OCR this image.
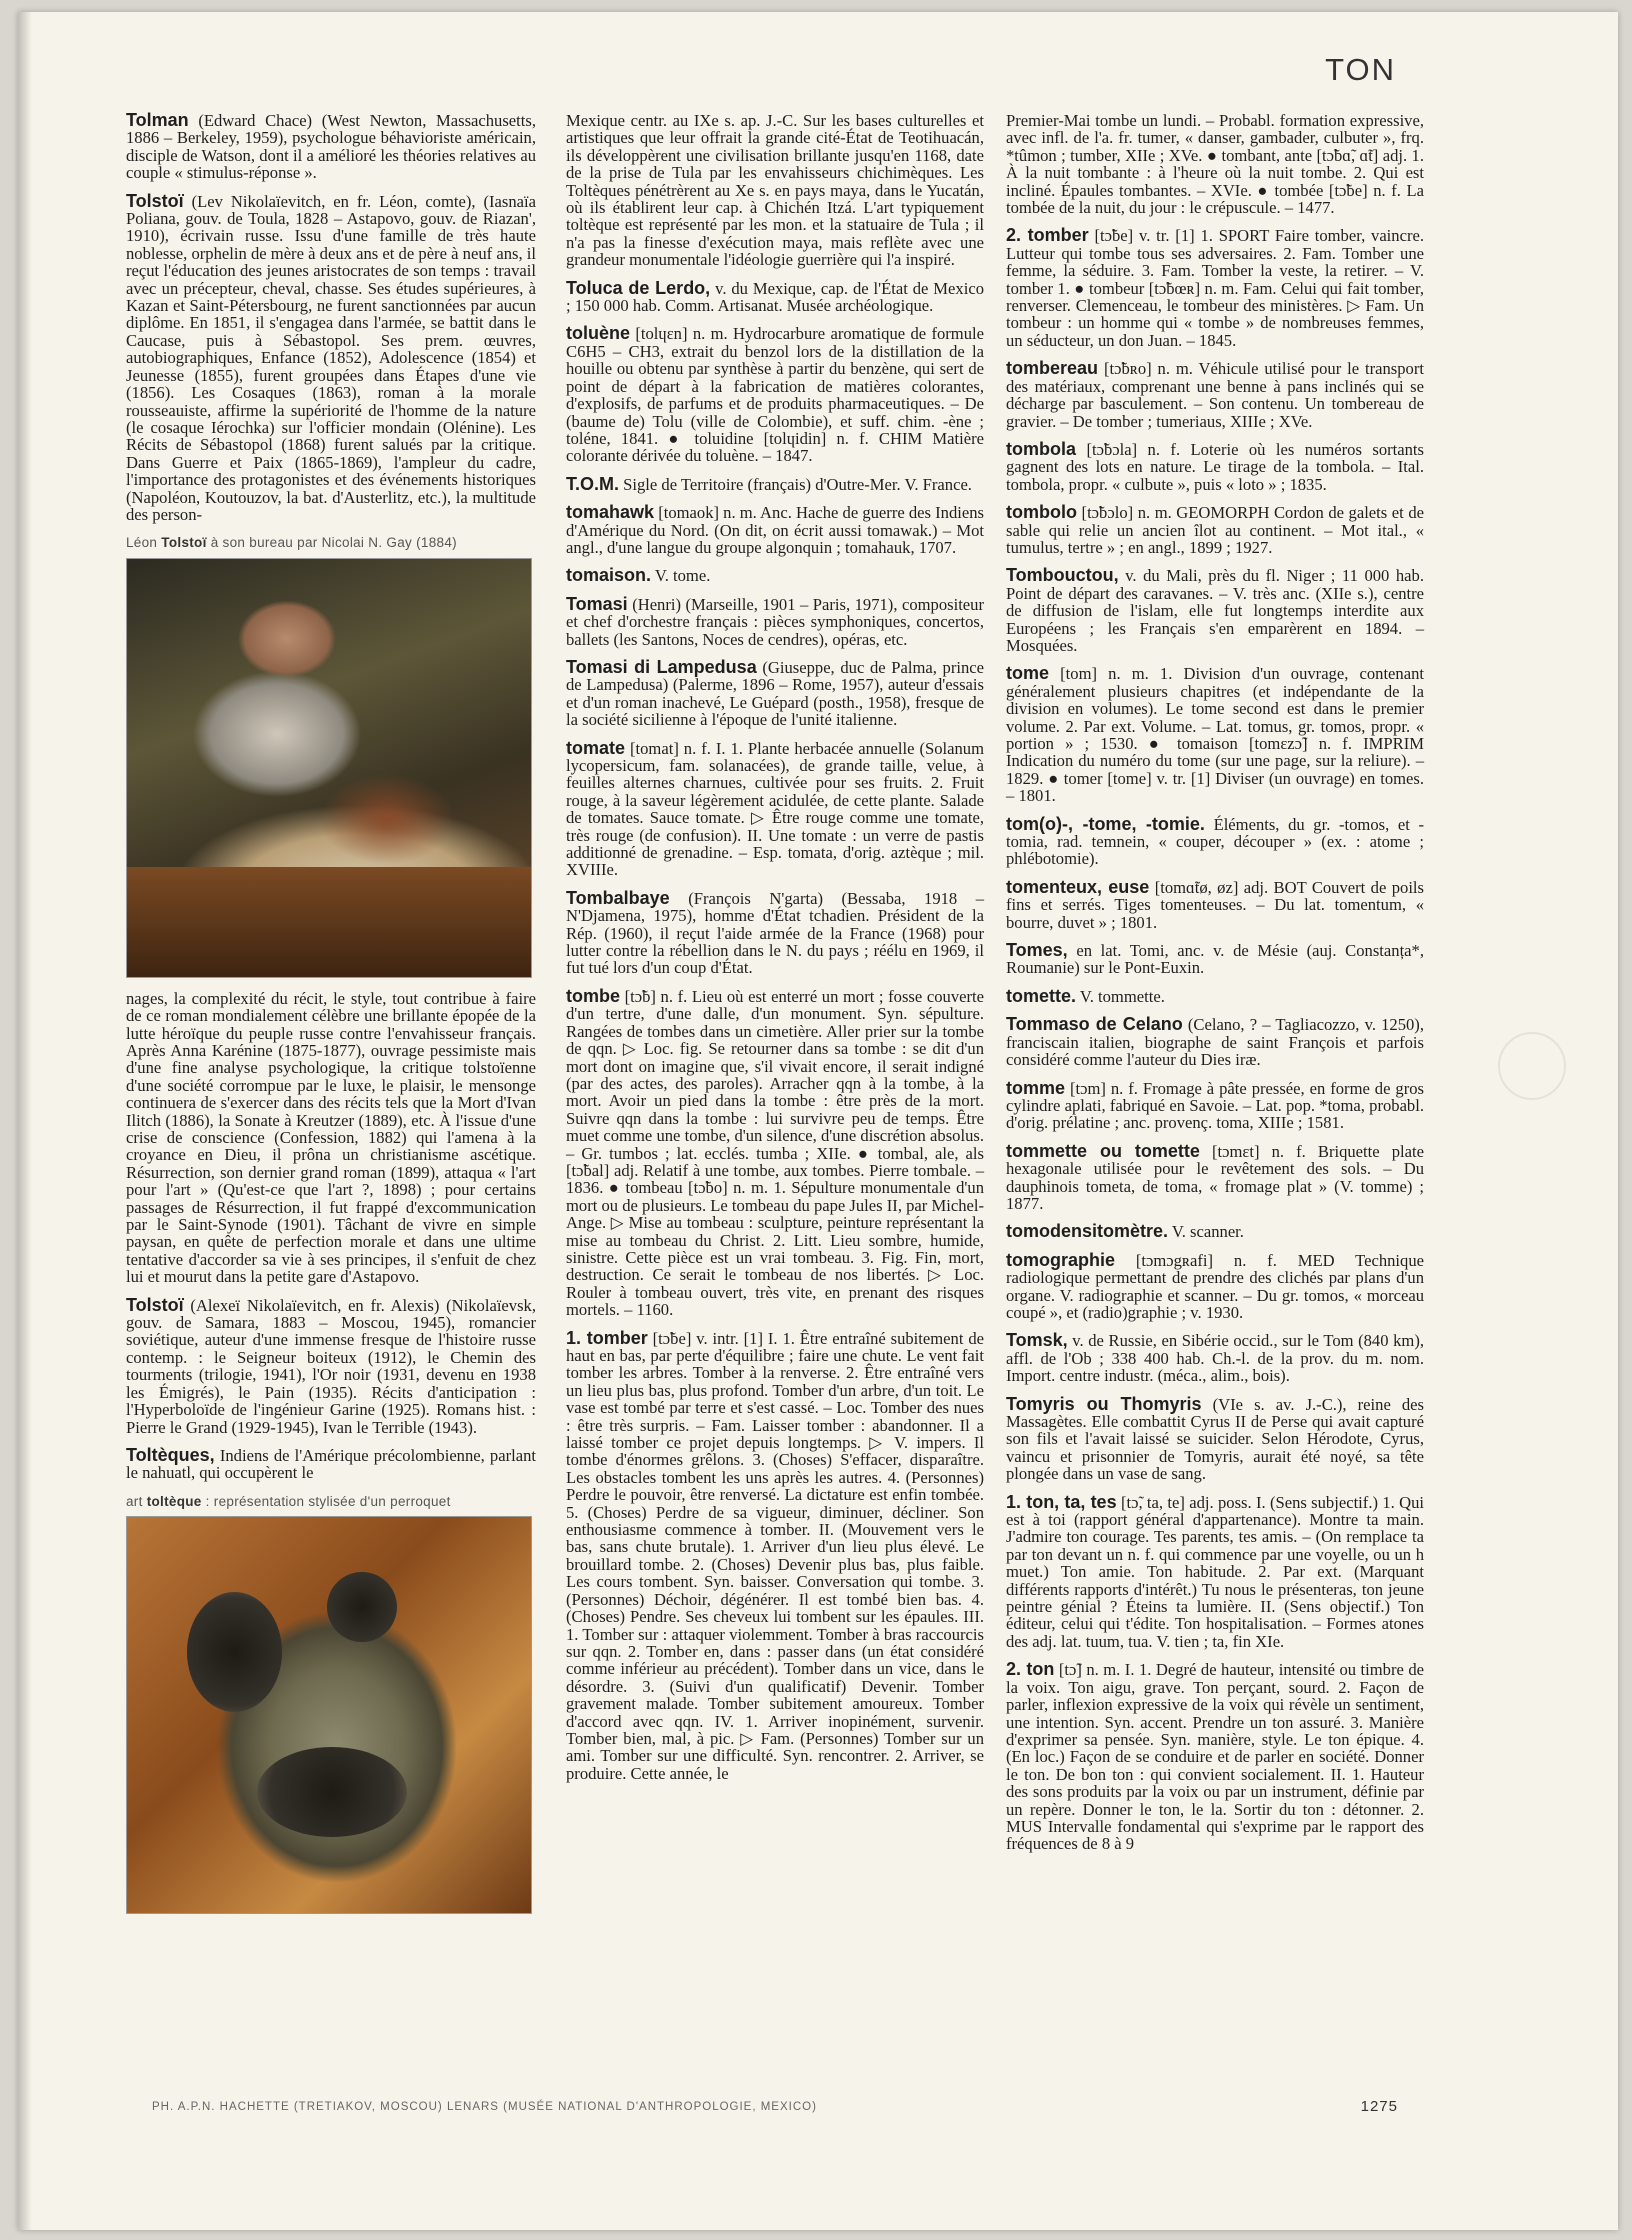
TON

Tolman (Edward Chace) (West Newton, Massachusetts, 1886 – Berkeley, 1959), psychologue béhavioriste américain, disciple de Watson, dont il a amélioré les théories relatives au couple « stimulus-réponse ».

Tolstoï (Lev Nikolaïevitch, en fr. Léon, comte), (Iasnaïa Poliana, gouv. de Toula, 1828 – Astapovo, gouv. de Riazan', 1910), écrivain russe. Issu d'une famille de très haute noblesse, orphelin de mère à deux ans et de père à neuf ans, il reçut l'éducation des jeunes aristocrates de son temps : travail avec un précepteur, cheval, chasse. Ses études supérieures, à Kazan et Saint-Pétersbourg, ne furent sanctionnées par aucun diplôme. En 1851, il s'engagea dans l'armée, se battit dans le Caucase, puis à Sébastopol. Ses prem. œuvres, autobiographiques, Enfance (1852), Adolescence (1854) et Jeunesse (1855), furent groupées dans Étapes d'une vie (1856). Les Cosaques (1863), roman à la morale rousseauiste, affirme la supériorité de l'homme de la nature (le cosaque Iérochka) sur l'officier mondain (Olénine). Les Récits de Sébastopol (1868) furent salués par la critique. Dans Guerre et Paix (1865-1869), l'ampleur du cadre, l'importance des protagonistes et des événements historiques (Napoléon, Koutouzov, la bat. d'Austerlitz, etc.), la multitude des person-

Léon Tolstoï à son bureau par Nicolai N. Gay (1884)

nages, la complexité du récit, le style, tout contribue à faire de ce roman mondialement célèbre une brillante épopée de la lutte héroïque du peuple russe contre l'envahisseur français. Après Anna Karénine (1875-1877), ouvrage pessimiste mais d'une fine analyse psychologique, la critique tolstoïenne d'une société corrompue par le luxe, le plaisir, le mensonge continuera de s'exercer dans des récits tels que la Mort d'Ivan Ilitch (1886), la Sonate à Kreutzer (1889), etc. À l'issue d'une crise de conscience (Confession, 1882) qui l'amena à la croyance en Dieu, il prôna un christianisme ascétique. Résurrection, son dernier grand roman (1899), attaqua « l'art pour l'art » (Qu'est-ce que l'art ?, 1898) ; pour certains passages de Résurrection, il fut frappé d'excommunication par le Saint-Synode (1901). Tâchant de vivre en simple paysan, en quête de perfection morale et dans une ultime tentative d'accorder sa vie à ses principes, il s'enfuit de chez lui et mourut dans la petite gare d'Astapovo.

Tolstoï (Alexeï Nikolaïevitch, en fr. Alexis) (Nikolaïevsk, gouv. de Samara, 1883 – Moscou, 1945), romancier soviétique, auteur d'une immense fresque de l'histoire russe contemp. : le Seigneur boiteux (1912), le Chemin des tourments (trilogie, 1941), l'Or noir (1931, devenu en 1938 les Émigrés), le Pain (1935). Récits d'anticipation : l'Hyperboloïde de l'ingénieur Garine (1925). Romans hist. : Pierre le Grand (1929-1945), Ivan le Terrible (1943).

Toltèques, Indiens de l'Amérique précolombienne, parlant le nahuatl, qui occupèrent le

art toltèque : représentation stylisée d'un perroquet

Mexique centr. au IXe s. ap. J.-C. Sur les bases culturelles et artistiques que leur offrait la grande cité-État de Teotihuacán, ils développèrent une civilisation brillante jusqu'en 1168, date de la prise de Tula par les envahisseurs chichimèques. Les Toltèques pénétrèrent au Xe s. en pays maya, dans le Yucatán, où ils établirent leur cap. à Chichén Itzá. L'art typiquement toltèque est représenté par les mon. et la statuaire de Tula ; il n'a pas la finesse d'exécution maya, mais reflète avec une grandeur monumentale l'idéologie guerrière qui l'a inspiré.

Toluca de Lerdo, v. du Mexique, cap. de l'État de Mexico ; 150 000 hab. Comm. Artisanat. Musée archéologique.

toluène [tolɥɛn] n. m. Hydrocarbure aromatique de formule C6H5 – CH3, extrait du benzol lors de la distillation de la houille ou obtenu par synthèse à partir du benzène, qui sert de point de départ à la fabrication de matières colorantes, d'explosifs, de parfums et de produits pharmaceutiques. – De (baume de) Tolu (ville de Colombie), et suff. chim. -ène ; toléne, 1841. ● toluidine [tolɥidin] n. f. CHIM Matière colorante dérivée du toluène. – 1847.

T.O.M. Sigle de Territoire (français) d'Outre-Mer. V. France.

tomahawk [tomaok] n. m. Anc. Hache de guerre des Indiens d'Amérique du Nord. (On dit, on écrit aussi tomawak.) – Mot angl., d'une langue du groupe algonquin ; tomahauk, 1707.

tomaison. V. tome.

Tomasi (Henri) (Marseille, 1901 – Paris, 1971), compositeur et chef d'orchestre français : pièces symphoniques, concertos, ballets (les Santons, Noces de cendres), opéras, etc.

Tomasi di Lampedusa (Giuseppe, duc de Palma, prince de Lampedusa) (Palerme, 1896 – Rome, 1957), auteur d'essais et d'un roman inachevé, Le Guépard (posth., 1958), fresque de la société sicilienne à l'époque de l'unité italienne.

tomate [tomat] n. f. I. 1. Plante herbacée annuelle (Solanum lycopersicum, fam. solanacées), de grande taille, velue, à feuilles alternes charnues, cultivée pour ses fruits. 2. Fruit rouge, à la saveur légèrement acidulée, de cette plante. Salade de tomates. Sauce tomate. ▷ Être rouge comme une tomate, très rouge (de confusion). II. Une tomate : un verre de pastis additionné de grenadine. – Esp. tomata, d'orig. aztèque ; mil. XVIIIe.

Tombalbaye (François N'garta) (Bessaba, 1918 – N'Djamena, 1975), homme d'État tchadien. Président de la Rép. (1960), il reçut l'aide armée de la France (1968) pour lutter contre la rébellion dans le N. du pays ; réélu en 1969, il fut tué lors d'un coup d'État.

tombe [tɔ̃b] n. f. Lieu où est enterré un mort ; fosse couverte d'un tertre, d'une dalle, d'un monument. Syn. sépulture. Rangées de tombes dans un cimetière. Aller prier sur la tombe de qqn. ▷ Loc. fig. Se retourner dans sa tombe : se dit d'un mort dont on imagine que, s'il vivait encore, il serait indigné (par des actes, des paroles). Arracher qqn à la tombe, à la mort. Avoir un pied dans la tombe : être près de la mort. Suivre qqn dans la tombe : lui survivre peu de temps. Être muet comme une tombe, d'un silence, d'une discrétion absolus. – Gr. tumbos ; lat. ecclés. tumba ; XIIe. ● tombal, ale, als [tɔ̃bal] adj. Relatif à une tombe, aux tombes. Pierre tombale. – 1836. ● tombeau [tɔ̃bo] n. m. 1. Sépulture monumentale d'un mort ou de plusieurs. Le tombeau du pape Jules II, par Michel-Ange. ▷ Mise au tombeau : sculpture, peinture représentant la mise au tombeau du Christ. 2. Litt. Lieu sombre, humide, sinistre. Cette pièce est un vrai tombeau. 3. Fig. Fin, mort, destruction. Ce serait le tombeau de nos libertés. ▷ Loc. Rouler à tombeau ouvert, très vite, en prenant des risques mortels. – 1160.

1. tomber [tɔ̃be] v. intr. [1] I. 1. Être entraîné subitement de haut en bas, par perte d'équilibre ; faire une chute. Le vent fait tomber les arbres. Tomber à la renverse. 2. Être entraîné vers un lieu plus bas, plus profond. Tomber d'un arbre, d'un toit. Le vase est tombé par terre et s'est cassé. – Loc. Tomber des nues : être très surpris. – Fam. Laisser tomber : abandonner. Il a laissé tomber ce projet depuis longtemps. ▷ V. impers. Il tombe d'énormes grêlons. 3. (Choses) S'effacer, disparaître. Les obstacles tombent les uns après les autres. 4. (Personnes) Perdre le pouvoir, être renversé. La dictature est enfin tombée. 5. (Choses) Perdre de sa vigueur, diminuer, décliner. Son enthousiasme commence à tomber. II. (Mouvement vers le bas, sans chute brutale). 1. Arriver d'un lieu plus élevé. Le brouillard tombe. 2. (Choses) Devenir plus bas, plus faible. Les cours tombent. Syn. baisser. Conversation qui tombe. 3. (Personnes) Déchoir, dégénérer. Il est tombé bien bas. 4. (Choses) Pendre. Ses cheveux lui tombent sur les épaules. III. 1. Tomber sur : attaquer violemment. Tomber à bras raccourcis sur qqn. 2. Tomber en, dans : passer dans (un état considéré comme inférieur au précédent). Tomber dans un vice, dans le désordre. 3. (Suivi d'un qualificatif) Devenir. Tomber gravement malade. Tomber subitement amoureux. Tomber d'accord avec qqn. IV. 1. Arriver inopinément, survenir. Tomber bien, mal, à pic. ▷ Fam. (Personnes) Tomber sur un ami. Tomber sur une difficulté. Syn. rencontrer. 2. Arriver, se produire. Cette année, le

Premier-Mai tombe un lundi. – Probabl. formation expressive, avec infl. de l'a. fr. tumer, « danser, gambader, culbuter », frq. *tûmon ; tumber, XIIe ; XVe. ● tombant, ante [tɔ̃bɑ̃, ɑ̃t] adj. 1. À la nuit tombante : à l'heure où la nuit tombe. 2. Qui est incliné. Épaules tombantes. – XVIe. ● tombée [tɔ̃be] n. f. La tombée de la nuit, du jour : le crépuscule. – 1477.

2. tomber [tɔ̃be] v. tr. [1] 1. SPORT Faire tomber, vaincre. Lutteur qui tombe tous ses adversaires. 2. Fam. Tomber une femme, la séduire. 3. Fam. Tomber la veste, la retirer. – V. tomber 1. ● tombeur [tɔ̃bœʀ] n. m. Fam. Celui qui fait tomber, renverser. Clemenceau, le tombeur des ministères. ▷ Fam. Un tombeur : un homme qui « tombe » de nombreuses femmes, un séducteur, un don Juan. – 1845.

tombereau [tɔ̃bʀo] n. m. Véhicule utilisé pour le transport des matériaux, comprenant une benne à pans inclinés qui se décharge par basculement. – Son contenu. Un tombereau de gravier. – De tomber ; tumeriaus, XIIIe ; XVe.

tombola [tɔ̃bɔla] n. f. Loterie où les numéros sortants gagnent des lots en nature. Le tirage de la tombola. – Ital. tombola, propr. « culbute », puis « loto » ; 1835.

tombolo [tɔ̃bɔlo] n. m. GEOMORPH Cordon de galets et de sable qui relie un ancien îlot au continent. – Mot ital., « tumulus, tertre » ; en angl., 1899 ; 1927.

Tombouctou, v. du Mali, près du fl. Niger ; 11 000 hab. Point de départ des caravanes. – V. très anc. (XIIe s.), centre de diffusion de l'islam, elle fut longtemps interdite aux Européens ; les Français s'en emparèrent en 1894. – Mosquées.

tome [tom] n. m. 1. Division d'un ouvrage, contenant généralement plusieurs chapitres (et indépendante de la division en volumes). Le tome second est dans le premier volume. 2. Par ext. Volume. – Lat. tomus, gr. tomos, propr. « portion » ; 1530. ● tomaison [tomɛzɔ̃] n. f. IMPRIM Indication du numéro du tome (sur une page, sur la reliure). – 1829. ● tomer [tome] v. tr. [1] Diviser (un ouvrage) en tomes. – 1801.

tom(o)-, -tome, -tomie. Éléments, du gr. -tomos, et -tomia, rad. temnein, « couper, découper » (ex. : atome ; phlébotomie).

tomenteux, euse [tomɑ̃tø, øz] adj. BOT Couvert de poils fins et serrés. Tiges tomenteuses. – Du lat. tomentum, « bourre, duvet » ; 1801.

Tomes, en lat. Tomi, anc. v. de Mésie (auj. Constanța*, Roumanie) sur le Pont-Euxin.

tomette. V. tommette.

Tommaso de Celano (Celano, ? – Tagliacozzo, v. 1250), franciscain italien, biographe de saint François et parfois considéré comme l'auteur du Dies iræ.

tomme [tɔm] n. f. Fromage à pâte pressée, en forme de gros cylindre aplati, fabriqué en Savoie. – Lat. pop. *toma, probabl. d'orig. prélatine ; anc. provenç. toma, XIIIe ; 1581.

tommette ou tomette [tɔmɛt] n. f. Briquette plate hexagonale utilisée pour le revêtement des sols. – Du dauphinois tometa, de toma, « fromage plat » (V. tomme) ; 1877.

tomodensitomètre. V. scanner.

tomographie [tɔmɔgʀafi] n. f. MED Technique radiologique permettant de prendre des clichés par plans d'un organe. V. radiographie et scanner. – Du gr. tomos, « morceau coupé », et (radio)graphie ; v. 1930.

Tomsk, v. de Russie, en Sibérie occid., sur le Tom (840 km), affl. de l'Ob ; 338 400 hab. Ch.-l. de la prov. du m. nom. Import. centre industr. (méca., alim., bois).

Tomyris ou Thomyris (VIe s. av. J.-C.), reine des Massagètes. Elle combattit Cyrus II de Perse qui avait capturé son fils et l'avait laissé se suicider. Selon Hérodote, Cyrus, vaincu et prisonnier de Tomyris, aurait été noyé, sa tête plongée dans un vase de sang.

1. ton, ta, tes [tɔ̃, ta, te] adj. poss. I. (Sens subjectif.) 1. Qui est à toi (rapport général d'appartenance). Montre ta main. J'admire ton courage. Tes parents, tes amis. – (On remplace ta par ton devant un n. f. qui commence par une voyelle, ou un h muet.) Ton amie. Ton habitude. 2. Par ext. (Marquant différents rapports d'intérêt.) Tu nous le présenteras, ton jeune peintre génial ? Éteins ta lumière. II. (Sens objectif.) Ton éditeur, celui qui t'édite. Ton hospitalisation. – Formes atones des adj. lat. tuum, tua. V. tien ; ta, fin XIe.

2. ton [tɔ̃] n. m. I. 1. Degré de hauteur, intensité ou timbre de la voix. Ton aigu, grave. Ton perçant, sourd. 2. Façon de parler, inflexion expressive de la voix qui révèle un sentiment, une intention. Syn. accent. Prendre un ton assuré. 3. Manière d'exprimer sa pensée. Syn. manière, style. Le ton épique. 4. (En loc.) Façon de se conduire et de parler en société. Donner le ton. De bon ton : qui convient socialement. II. 1. Hauteur des sons produits par la voix ou par un instrument, définie par un repère. Donner le ton, le la. Sortir du ton : détonner. 2. MUS Intervalle fondamental qui s'exprime par le rapport des fréquences de 8 à 9

PH. A.P.N. HACHETTE (TRETIAKOV, MOSCOU) LENARS (MUSÉE NATIONAL D'ANTHROPOLOGIE, MEXICO)	1275
